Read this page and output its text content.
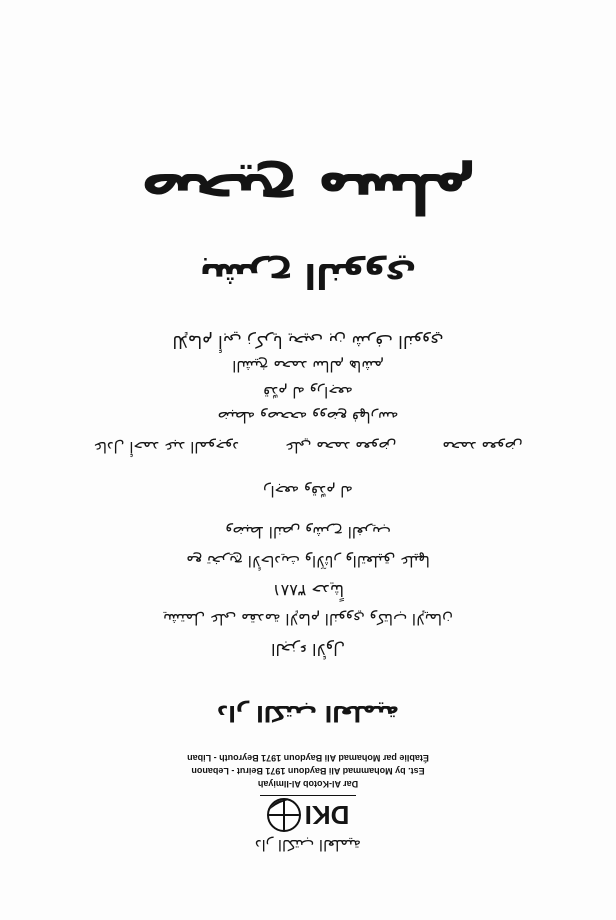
دار الكتب العلمية
DKI
Dar Al-Kotob Al-Ilmiyah
Est. by Mohammad Ali Baydoun 1971 Beirut - Lebanon
Établie par Mohamad Ali Baydoun 1971 Beyrouth - Liban
دار الكتب العلمية

الجزء الأول

يشتمل على مقدمة الإمام النووي وكتاب الإيمان

٣٨٨١ حديثاً

مع تخريج الأحاديث والآثار والتعليق عليها

وضبط النص وشرح الغريب

راجعه وقدّم له

عادل أحمد عبد الموجود	علي محمد معوض	محمد معوض

ضبطه وصححه ووضع فهارسه

قدّم له وراجعه

الشيخ محمد سالم هاشم

للإمام أبي زكريا يحيى بن شرف النووي

بشرح النووي
صحيح مسلم
